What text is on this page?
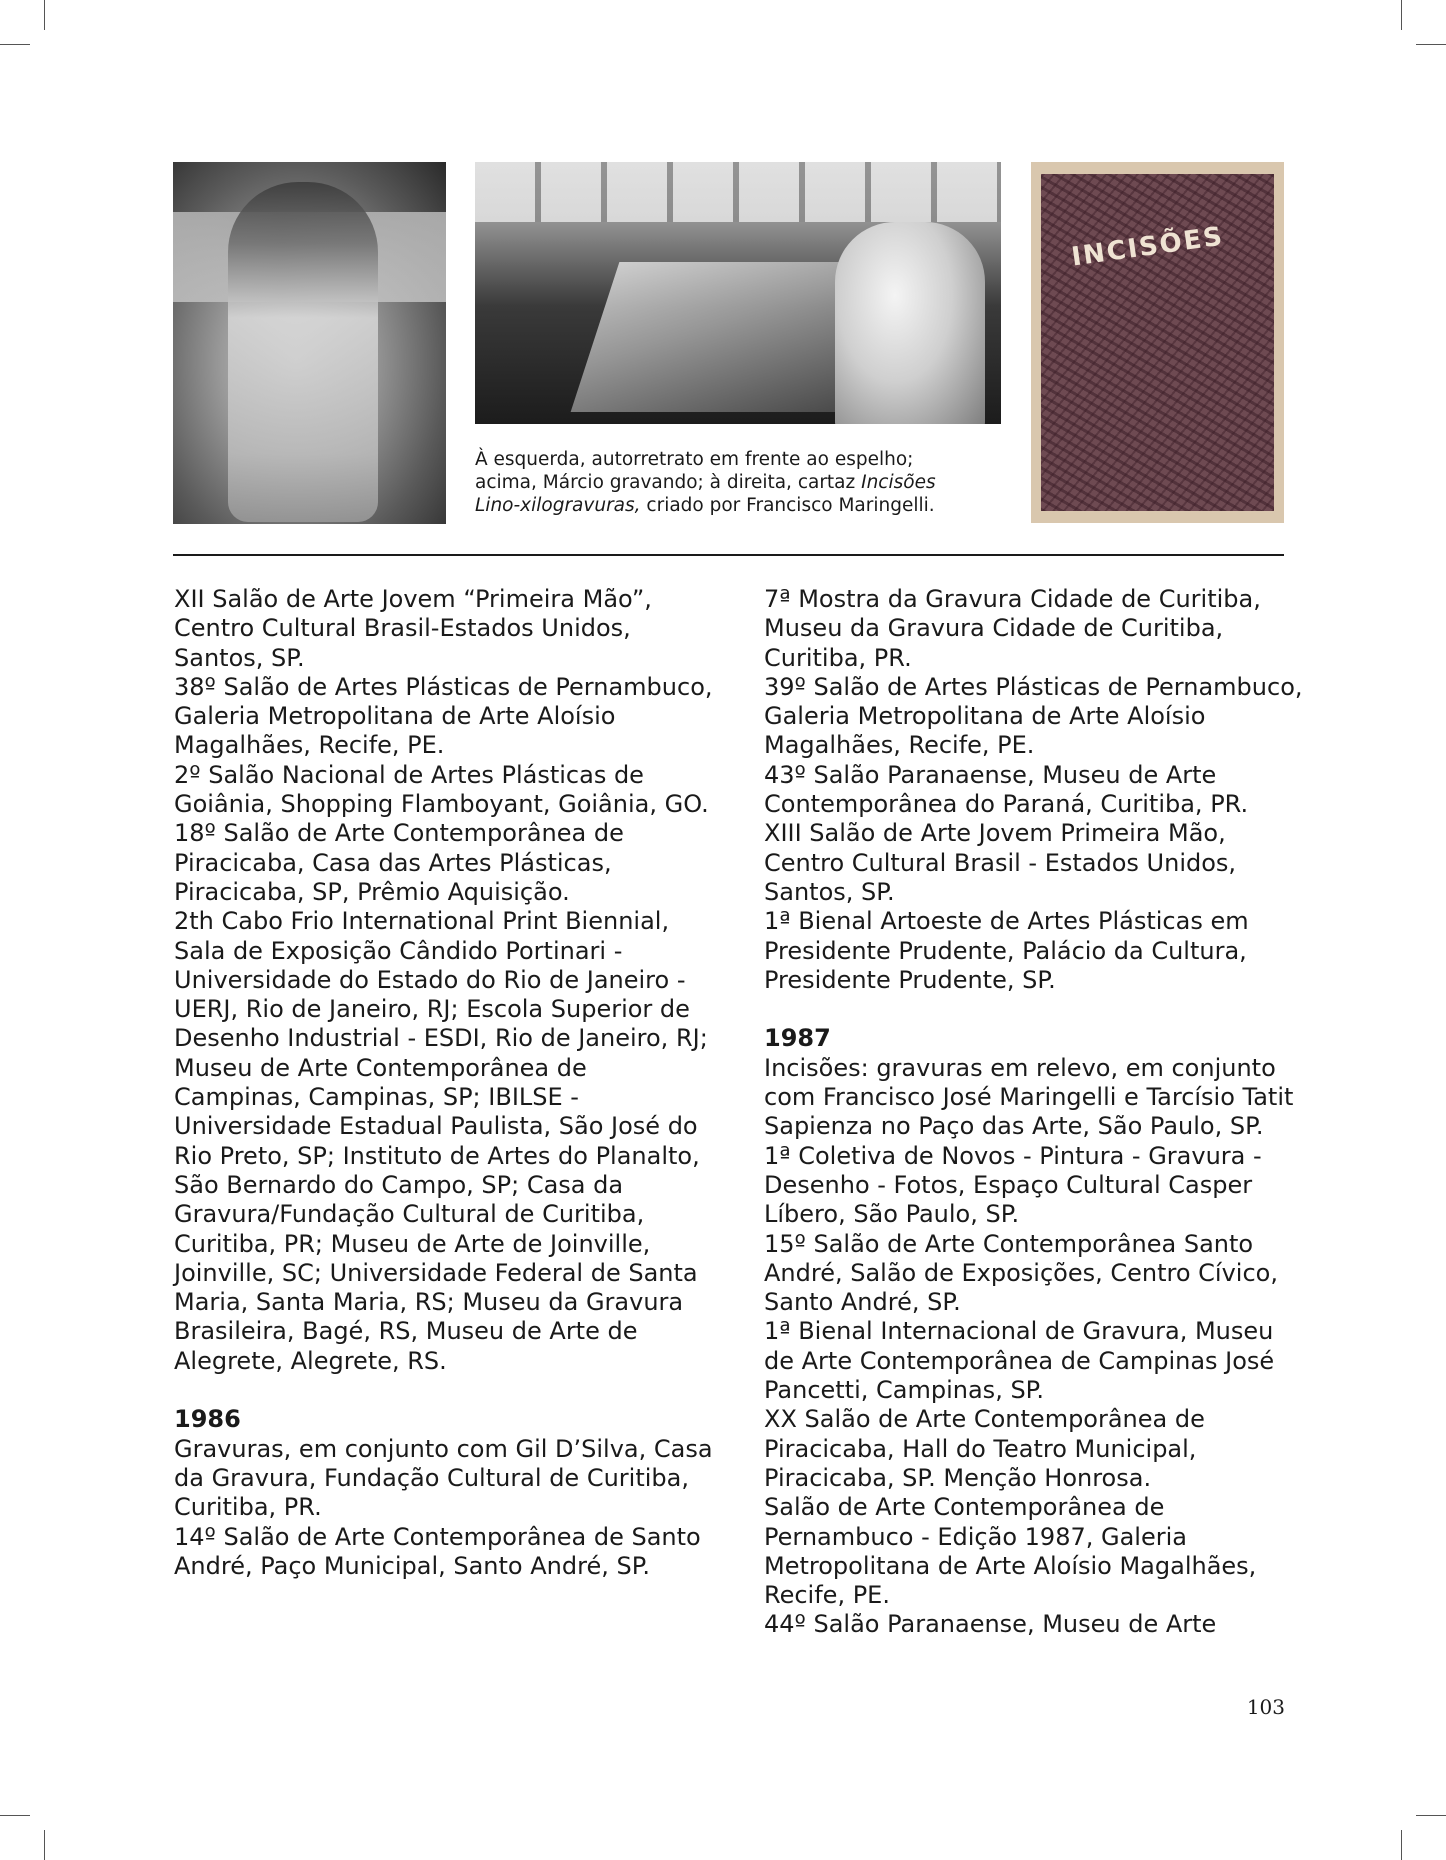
INCISÕES
À esquerda, autorretrato em frente ao espelho;
acima, Márcio gravando; à direita, cartaz Incisões
Lino-xilogravuras, criado por Francisco Maringelli.

XII Salão de Arte Jovem “Primeira Mão”, Centro Cultural Brasil-Estados Unidos, Santos, SP.

38º Salão de Artes Plásticas de Pernambuco, Galeria Metropolitana de Arte Aloísio Magalhães, Recife, PE.

2º Salão Nacional de Artes Plásticas de Goiânia, Shopping Flamboyant, Goiânia, GO.

18º Salão de Arte Contemporânea de Piracicaba, Casa das Artes Plásticas, Piracicaba, SP, Prêmio Aquisição.

2th Cabo Frio International Print Biennial, Sala de Exposição Cândido Portinari - Universidade do Estado do Rio de Janeiro - UERJ, Rio de Janeiro, RJ; Escola Superior de Desenho Industrial - ESDI, Rio de Janeiro, RJ; Museu de Arte Contemporânea de Campinas, Campinas, SP; IBILSE - Universidade Estadual Paulista, São José do Rio Preto, SP; Instituto de Artes do Planalto, São Bernardo do Campo, SP; Casa da Gravura/Fundação Cultural de Curitiba, Curitiba, PR; Museu de Arte de Joinville, Joinville, SC; Universidade Federal de Santa Maria, Santa Maria, RS; Museu da Gravura Brasileira, Bagé, RS, Museu de Arte de Alegrete, Alegrete, RS.

1986

Gravuras, em conjunto com Gil D’Silva, Casa da Gravura, Fundação Cultural de Curitiba, Curitiba, PR.

14º Salão de Arte Contemporânea de Santo André, Paço Municipal, Santo André, SP.

7ª Mostra da Gravura Cidade de Curitiba, Museu da Gravura Cidade de Curitiba, Curitiba, PR.

39º Salão de Artes Plásticas de Pernambuco, Galeria Metropolitana de Arte Aloísio Magalhães, Recife, PE.

43º Salão Paranaense, Museu de Arte Contemporânea do Paraná, Curitiba, PR.

XIII Salão de Arte Jovem Primeira Mão, Centro Cultural Brasil - Estados Unidos, Santos, SP.

1ª Bienal Artoeste de Artes Plásticas em Presidente Prudente, Palácio da Cultura, Presidente Prudente, SP.

1987

Incisões: gravuras em relevo, em conjunto com Francisco José Maringelli e Tarcísio Tatit Sapienza no Paço das Arte, São Paulo, SP.

1ª Coletiva de Novos - Pintura - Gravura - Desenho - Fotos, Espaço Cultural Casper Líbero, São Paulo, SP.

15º Salão de Arte Contemporânea Santo André, Salão de Exposições, Centro Cívico, Santo André, SP.

1ª Bienal Internacional de Gravura, Museu de Arte Contemporânea de Campinas José Pancetti, Campinas, SP.

XX Salão de Arte Contemporânea de Piracicaba, Hall do Teatro Municipal, Piracicaba, SP. Menção Honrosa.

Salão de Arte Contemporânea de Pernambuco - Edição 1987, Galeria Metropolitana de Arte Aloísio Magalhães, Recife, PE.

44º Salão Paranaense, Museu de Arte

103
